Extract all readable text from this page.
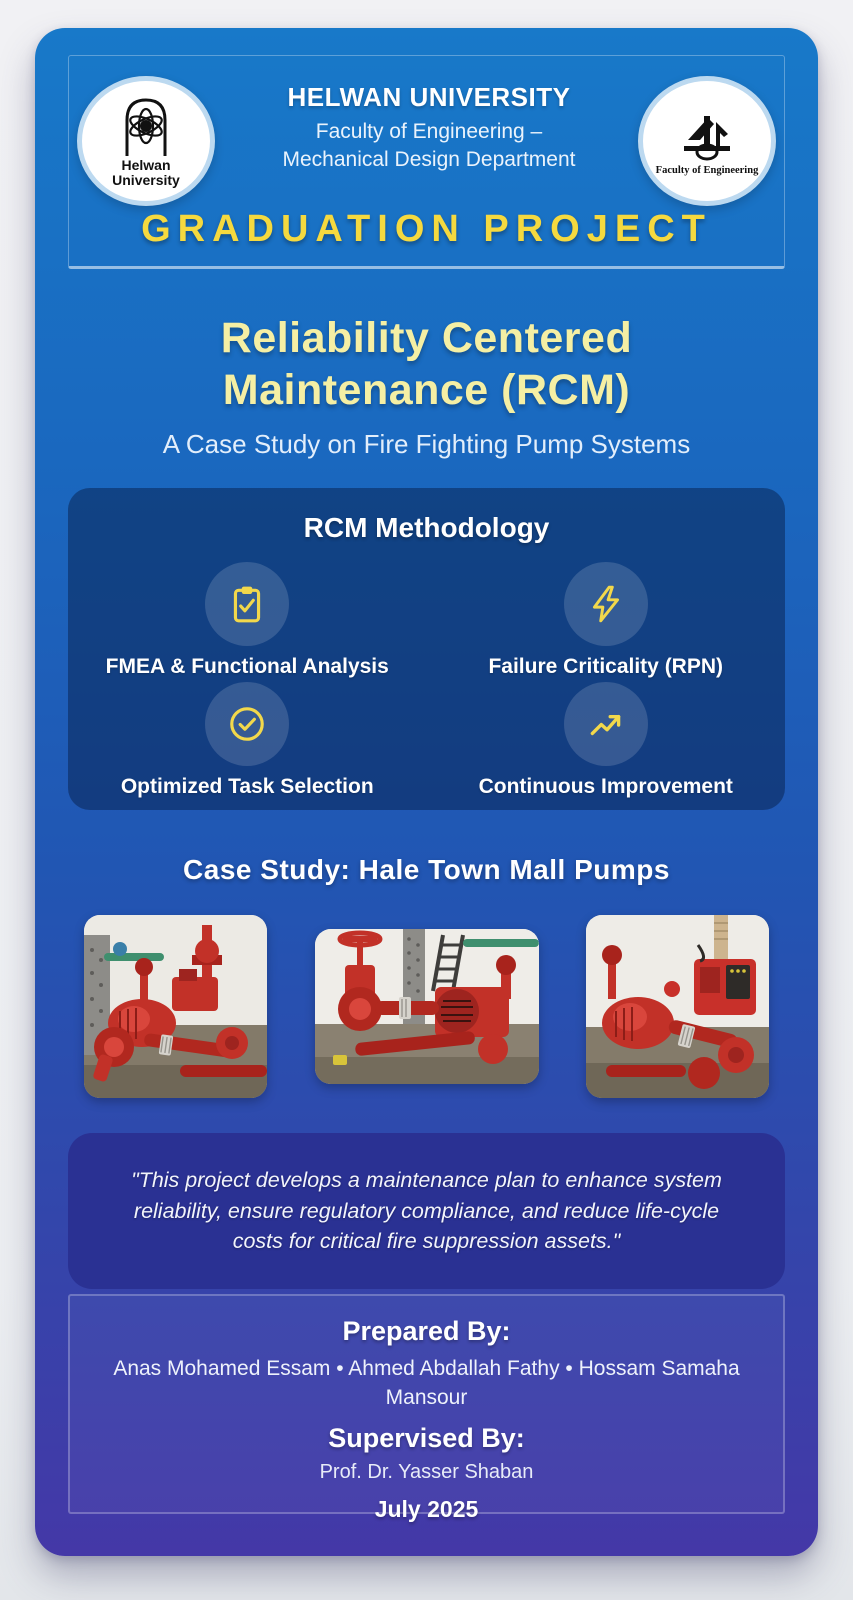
Helwan
University
HELWAN UNIVERSITY
Faculty of Engineering –
Mechanical Design Department	Faculty of Engineering
GRADUATION PROJECT
Reliability Centered
Maintenance (RCM)
A Case Study on Fire Fighting Pump Systems
RCM Methodology
FMEA & Functional Analysis	Failure Criticality (RPN)
Optimized Task Selection	Continuous Improvement
Case Study: Hale Town Mall Pumps
"This project develops a maintenance plan to enhance system reliability, ensure regulatory compliance, and reduce life-cycle costs for critical fire suppression assets."
Prepared By:
Anas Mohamed Essam • Ahmed Abdallah Fathy • Hossam Samaha Mansour
Supervised By:
Prof. Dr. Yasser Shaban
July 2025
